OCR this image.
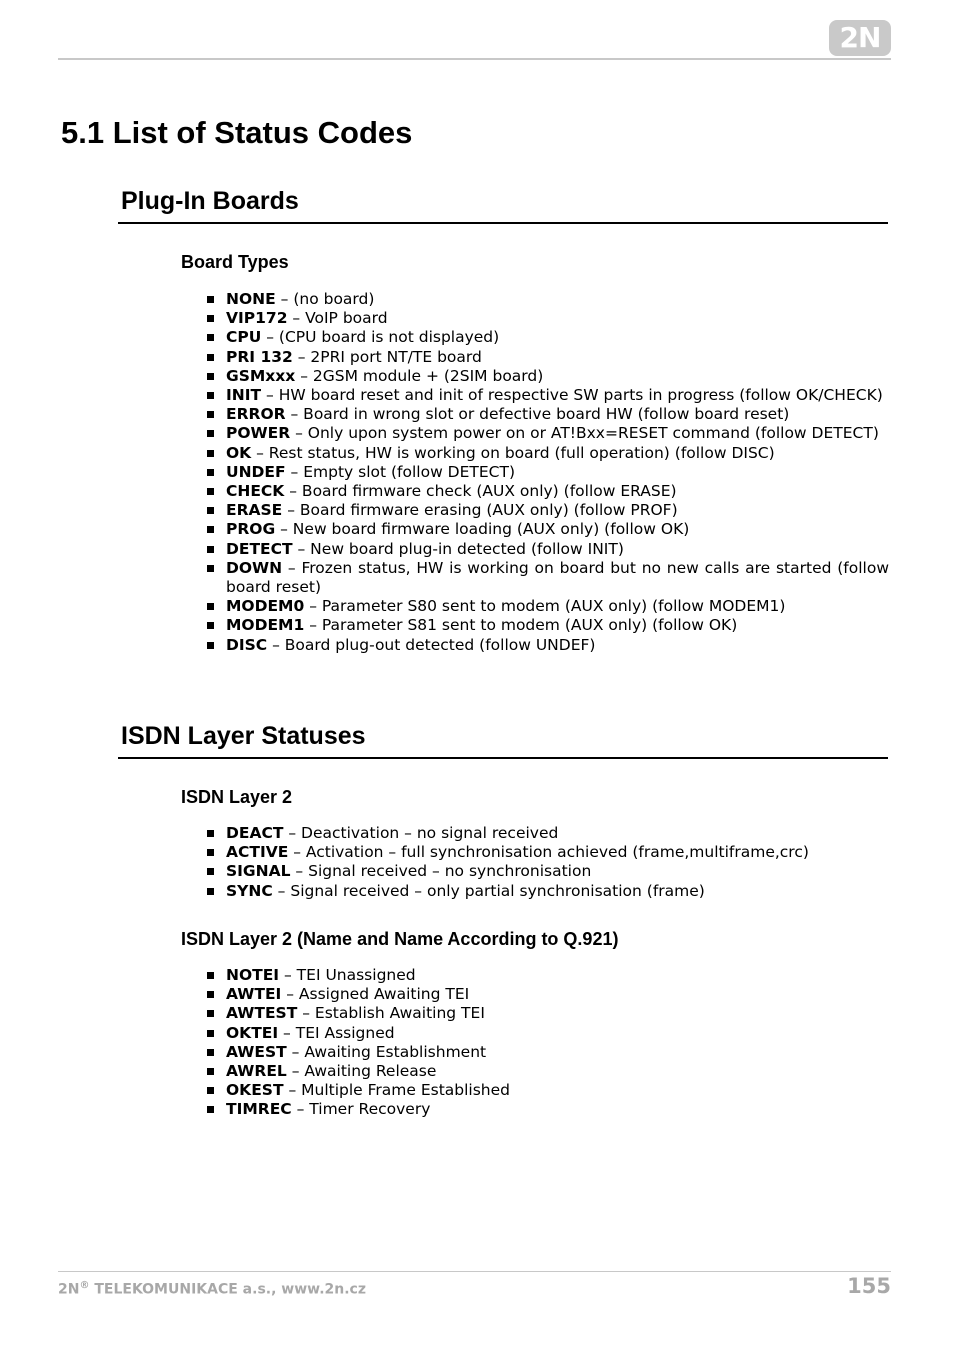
2N
5.1 List of Status Codes
Plug-In Boards
Board Types
NONE – (no board)
VIP172 – VoIP board
CPU – (CPU board is not displayed)
PRI 132 – 2PRI port NT/TE board
GSMxxx – 2GSM module + (2SIM board)
INIT – HW board reset and init of respective SW parts in progress (follow OK/CHECK)
ERROR – Board in wrong slot or defective board HW (follow board reset)
POWER – Only upon system power on or AT!Bxx=RESET command (follow DETECT)
OK – Rest status, HW is working on board (full operation) (follow DISC)
UNDEF – Empty slot (follow DETECT)
CHECK – Board firmware check (AUX only) (follow ERASE)
ERASE – Board firmware erasing (AUX only) (follow PROF)
PROG – New board firmware loading (AUX only) (follow OK)
DETECT – New board plug-in detected (follow INIT)
DOWN – Frozen status, HW is working on board but no new calls are started (follow board reset)
MODEM0 – Parameter S80 sent to modem (AUX only) (follow MODEM1)
MODEM1 – Parameter S81 sent to modem (AUX only) (follow OK)
DISC – Board plug-out detected (follow UNDEF)
ISDN Layer Statuses
ISDN Layer 2
DEACT – Deactivation – no signal received
ACTIVE – Activation – full synchronisation achieved (frame,multiframe,crc)
SIGNAL – Signal received – no synchronisation
SYNC – Signal received – only partial synchronisation (frame)
ISDN Layer 2 (Name and Name According to Q.921)
NOTEI – TEI Unassigned
AWTEI – Assigned Awaiting TEI
AWTEST – Establish Awaiting TEI
OKTEI – TEI Assigned
AWEST – Awaiting Establishment
AWREL – Awaiting Release
OKEST – Multiple Frame Established
TIMREC – Timer Recovery
2N® TELEKOMUNIKACE a.s., www.2n.cz	155
